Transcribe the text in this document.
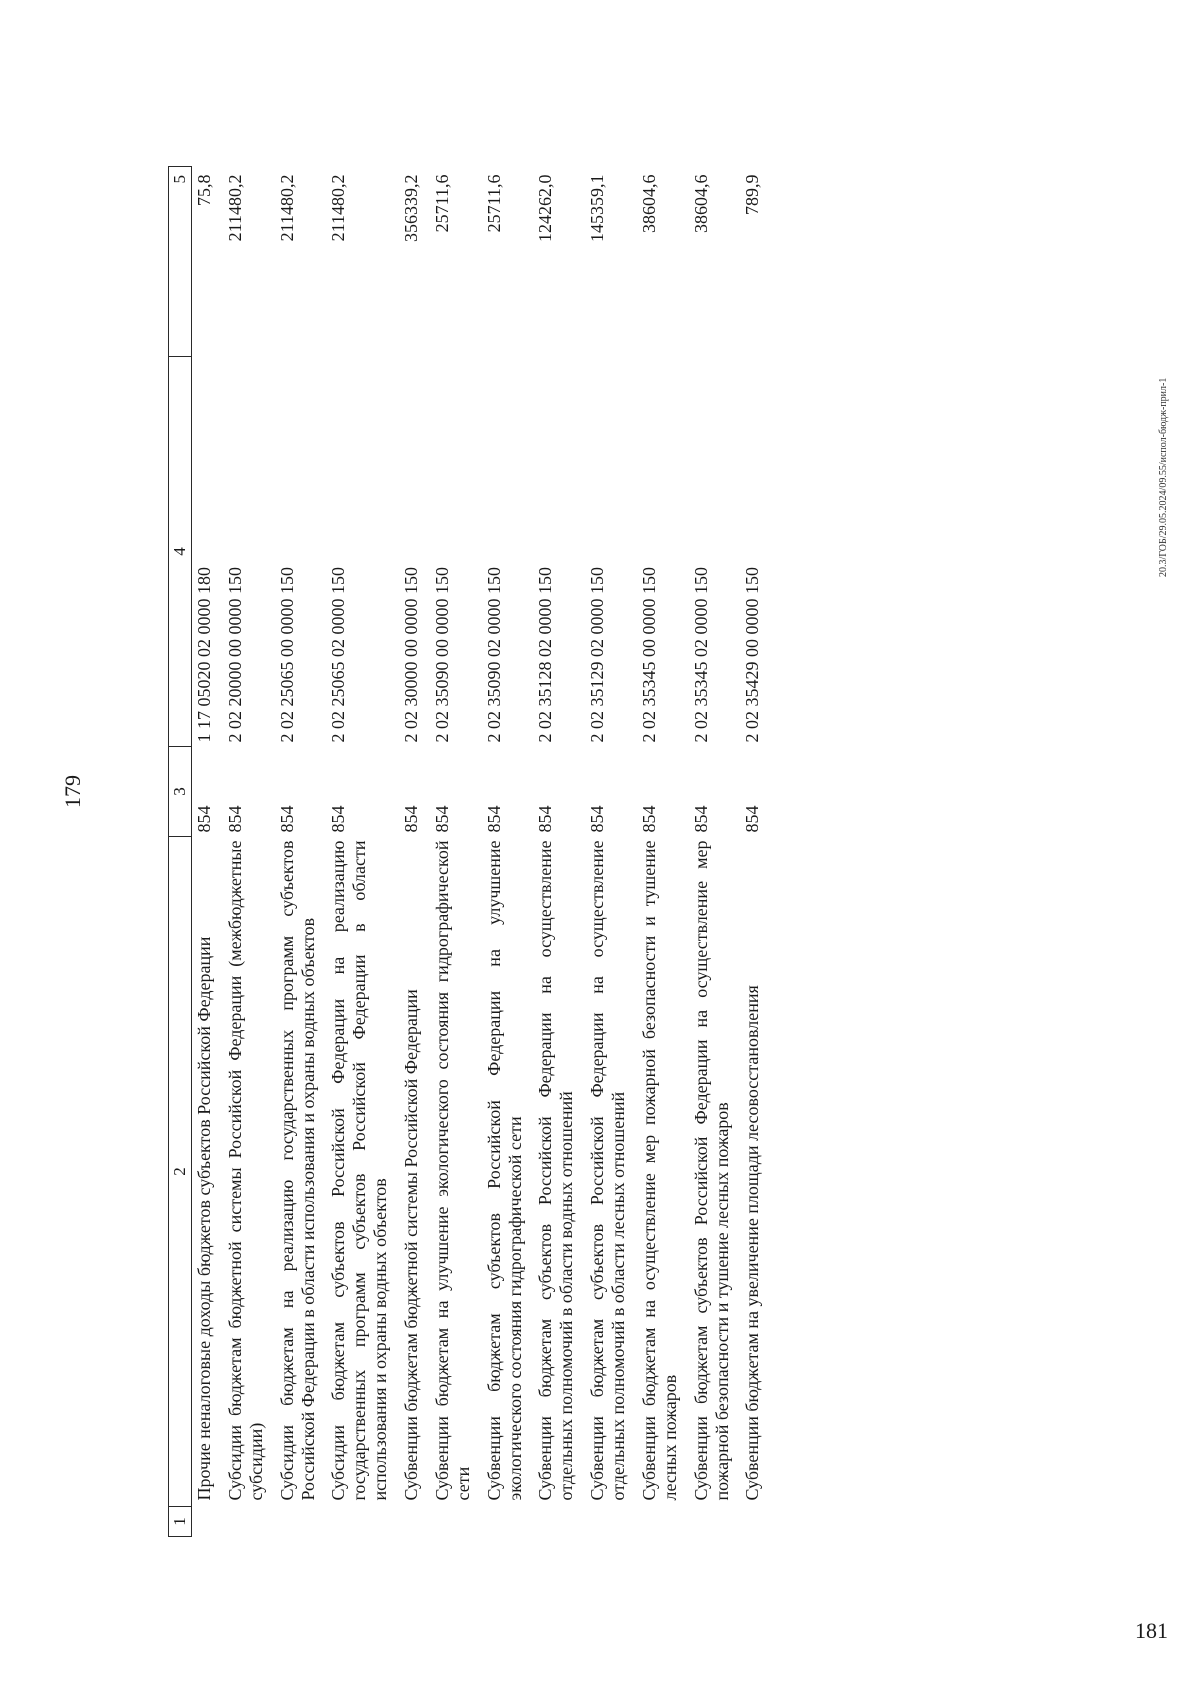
179
1	2	3	4	5
	Прочие неналоговые доходы бюджетов субъектов Российской Федерации	854	1 17 05020 02 0000 180	75,8
	Субсидии бюджетам бюджетной системы Российской Федерации (межбюджетные субсидии)	854	2 02 20000 00 0000 150	211480,2
	Субсидии бюджетам на реализацию государственных программ субъектов Российской Федерации в области использования и охраны водных объектов	854	2 02 25065 00 0000 150	211480,2
	Субсидии бюджетам субъектов Российской Федерации на реализацию государственных программ субъектов Российской Федерации в области использования и охраны водных объектов	854	2 02 25065 02 0000 150	211480,2
	Субвенции бюджетам бюджетной системы Российской Федерации	854	2 02 30000 00 0000 150	356339,2
	Субвенции бюджетам на улучшение экологического состояния гидрографической сети	854	2 02 35090 00 0000 150	25711,6
	Субвенции бюджетам субъектов Российской Федерации на улучшение экологического состояния гидрографической сети	854	2 02 35090 02 0000 150	25711,6
	Субвенции бюджетам субъектов Российской Федерации на осуществление отдельных полномочий в области водных отношений	854	2 02 35128 02 0000 150	124262,0
	Субвенции бюджетам субъектов Российской Федерации на осуществление отдельных полномочий в области лесных отношений	854	2 02 35129 02 0000 150	145359,1
	Субвенции бюджетам на осуществление мер пожарной безопасности и тушение лесных пожаров	854	2 02 35345 00 0000 150	38604,6
	Субвенции бюджетам субъектов Российской Федерации на осуществление мер пожарной безопасности и тушение лесных пожаров	854	2 02 35345 02 0000 150	38604,6
	Субвенции бюджетам на увеличение площади лесовосстановления	854	2 02 35429 00 0000 150	789,9
20.3/ГОБ/29.05.2024/09.55/испол-бюдж-прил-1
181
